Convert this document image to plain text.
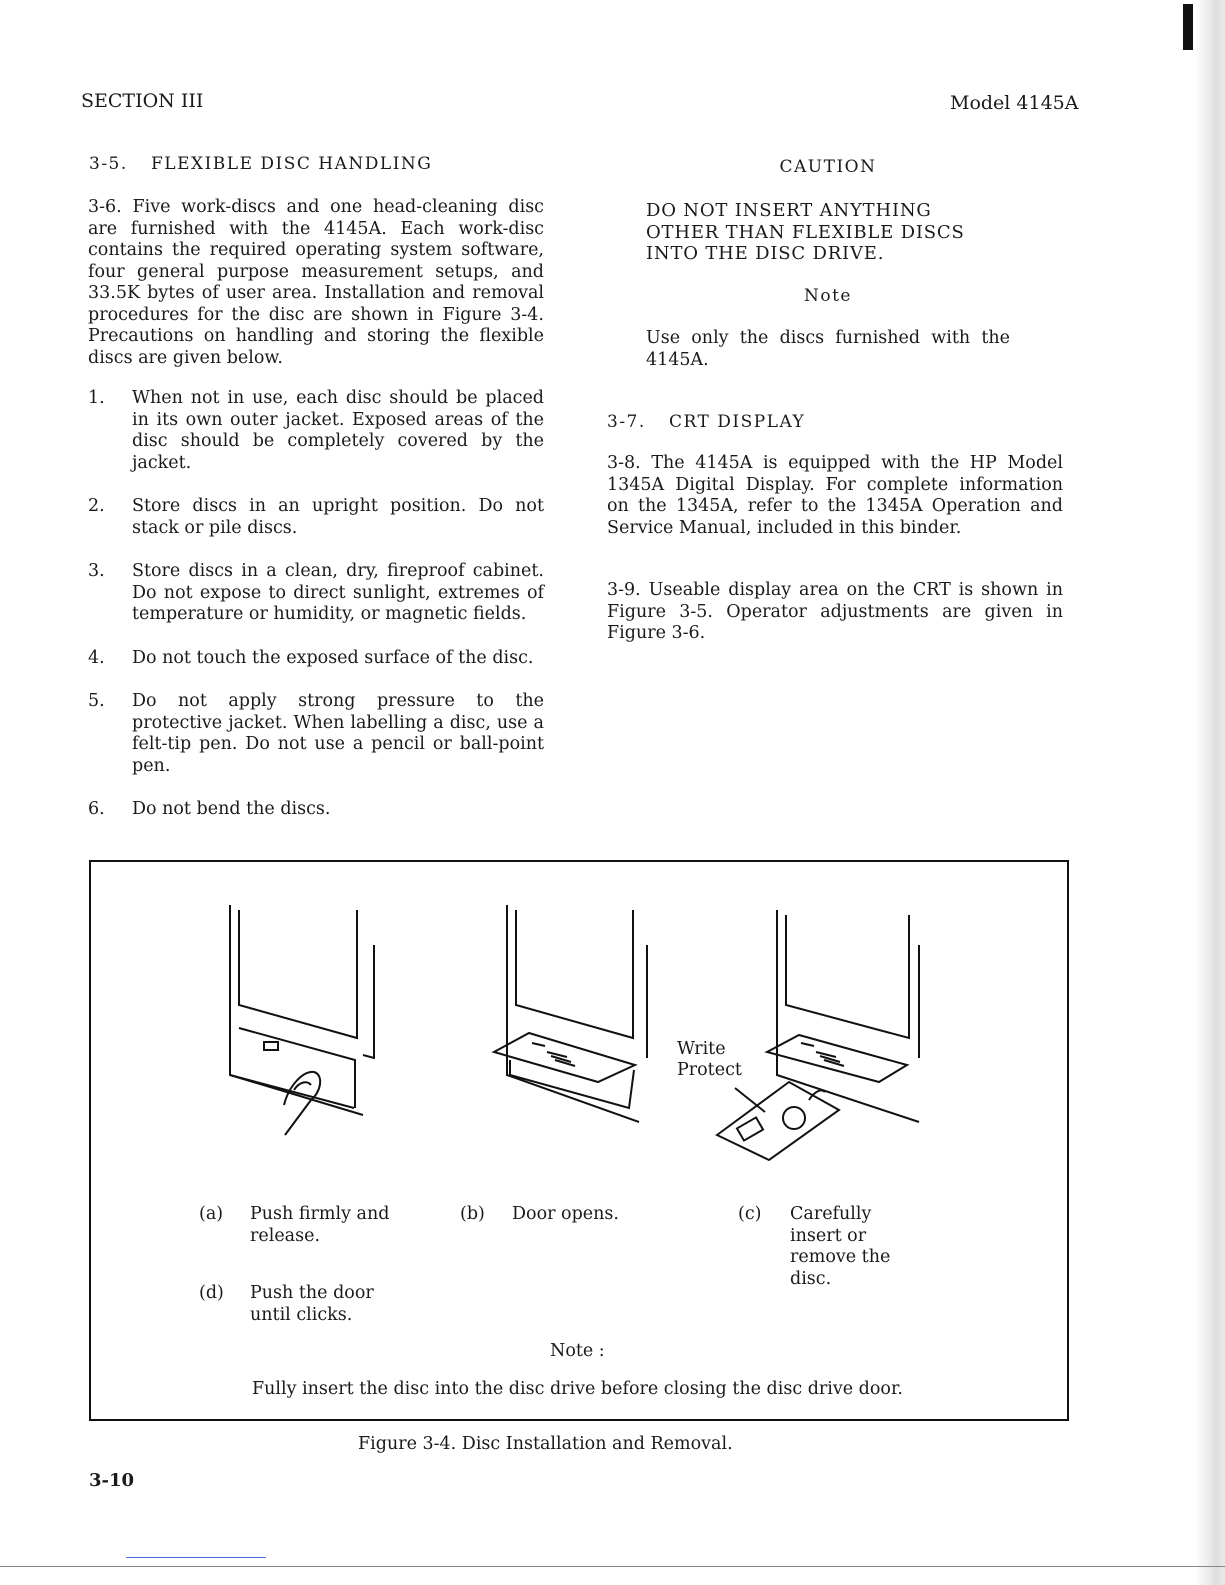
SECTION III	Model 4145A
3-5. FLEXIBLE DISC HANDLING

3-6. Five work-discs and one head-cleaning disc are furnished with the 4145A. Each work-disc contains the required operating system software, four general purpose measurement setups, and 33.5K bytes of user area. Installation and removal procedures for the disc are shown in Figure 3-4. Precautions on handling and storing the flexible discs are given below.

1. When not in use, each disc should be placed in its own outer jacket. Exposed areas of the disc should be completely covered by the jacket.
2. Store discs in an upright position. Do not stack or pile discs.
3. Store discs in a clean, dry, fireproof cabinet. Do not expose to direct sunlight, extremes of temperature or humidity, or magnetic fields.
4. Do not touch the exposed surface of the disc.
5. Do not apply strong pressure to the protective jacket. When labelling a disc, use a felt-tip pen. Do not use a pencil or ball-point pen.
6. Do not bend the discs.
CAUTION

DO NOT INSERT ANYTHING OTHER THAN FLEXIBLE DISCS INTO THE DISC DRIVE.

Note

Use only the discs furnished with the 4145A.

3-7. CRT DISPLAY

3-8. The 4145A is equipped with the HP Model 1345A Digital Display. For complete information on the 1345A, refer to the 1345A Operation and Service Manual, included in this binder.

3-9. Useable display area on the CRT is shown in Figure 3-5. Operator adjustments are given in Figure 3-6.

Write
Protect
(a) Push firmly and release.

(b) Door opens.	(c) Carefully insert or remove the disc.

(d) Push the door until clicks.

Note :
Fully insert the disc into the disc drive before closing the disc drive door.
Figure 3-4. Disc Installation and Removal.
3-10
